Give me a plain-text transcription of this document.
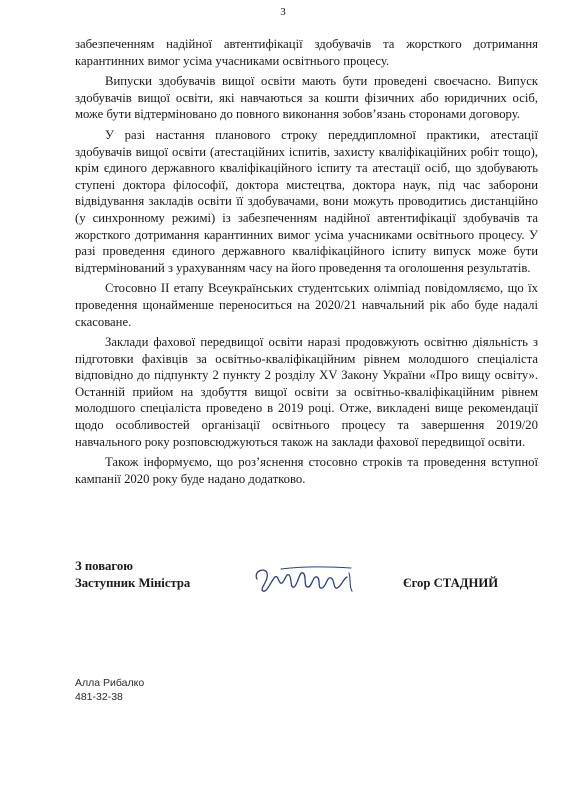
3

забезпеченням надійної автентифікації здобувачів та жорсткого дотримання карантинних вимог усіма учасниками освітнього процесу.

Випуски здобувачів вищої освіти мають бути проведені своєчасно. Випуск здобувачів вищої освіти, які навчаються за кошти фізичних або юридичних осіб, може бути відтерміновано до повного виконання зобов’язань сторонами договору.

У разі настання планового строку переддипломної практики, атестації здобувачів вищої освіти (атестаційних іспитів, захисту кваліфікаційних робіт тощо), крім єдиного державного кваліфікаційного іспиту та атестації осіб, що здобувають ступені доктора філософії, доктора мистецтва, доктора наук, під час заборони відвідування закладів освіти її здобувачами, вони можуть проводитись дистанційно (у синхронному режимі) із забезпеченням надійної автентифікації здобувачів та жорсткого дотримання карантинних вимог усіма учасниками освітнього процесу. У разі проведення єдиного державного кваліфікаційного іспиту випуск може бути відтермінований з урахуванням часу на його проведення та оголошення результатів.

Стосовно ІІ етапу Всеукраїнських студентських олімпіад повідомляємо, що їх проведення щонайменше переноситься на 2020/21 навчальний рік або буде надалі скасоване.

Заклади фахової передвищої освіти наразі продовжують освітню діяльність з підготовки фахівців за освітньо-кваліфікаційним рівнем молодшого спеціаліста відповідно до підпункту 2 пункту 2 розділу XV Закону України «Про вищу освіту». Останній прийом на здобуття вищої освіти за освітньо-кваліфікаційним рівнем молодшого спеціаліста проведено в 2019 році. Отже, викладені вище рекомендації щодо особливостей організації освітнього процесу та завершення 2019/20 навчального року розповсюджуються також на заклади фахової передвищої освіти.

Також інформуємо, що роз’яснення стосовно строків та проведення вступної кампанії 2020 року буде надано додатково.

З повагою
Заступник Міністра	Єгор СТАДНИЙ
Алла Рибалко
481-32-38
